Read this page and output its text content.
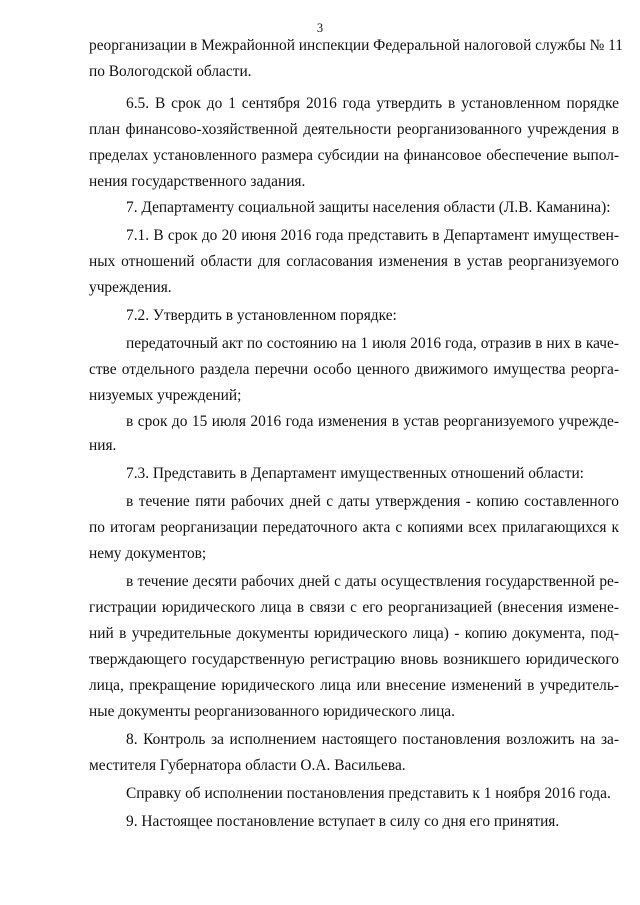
3
реорганизации в Межрайонной инспекции Федеральной налоговой службы № 11
по Вологодской области.
6.5. В срок до 1 сентября 2016 года утвердить в установленном порядке
план финансово-хозяйственной деятельности реорганизованного учреждения в
пределах установленного размера субсидии на финансовое обеспечение выпол-
нения государственного задания.
7. Департаменту социальной защиты населения области (Л.В. Каманина):
7.1. В срок до 20 июня 2016 года представить в Департамент имуществен-
ных отношений области для согласования изменения в устав реорганизуемого
учреждения.
7.2. Утвердить в установленном порядке:
передаточный акт по состоянию на 1 июля 2016 года, отразив в них в каче-
стве отдельного раздела перечни особо ценного движимого имущества реорга-
низуемых учреждений;
в срок до 15 июля 2016 года изменения в устав реорганизуемого учрежде-
ния.
7.3. Представить в Департамент имущественных отношений области:
в течение пяти рабочих дней с даты утверждения - копию составленного
по итогам реорганизации передаточного акта с копиями всех прилагающихся к
нему документов;
в течение десяти рабочих дней с даты осуществления государственной ре-
гистрации юридического лица в связи с его реорганизацией (внесения измене-
ний в учредительные документы юридического лица) - копию документа, под-
тверждающего государственную регистрацию вновь возникшего юридического
лица, прекращение юридического лица или внесение изменений в учредитель-
ные документы реорганизованного юридического лица.
8. Контроль за исполнением настоящего постановления возложить на за-
местителя Губернатора области О.А. Васильева.
Справку об исполнении постановления представить к 1 ноября 2016 года.
9. Настоящее постановление вступает в силу со дня его принятия.
